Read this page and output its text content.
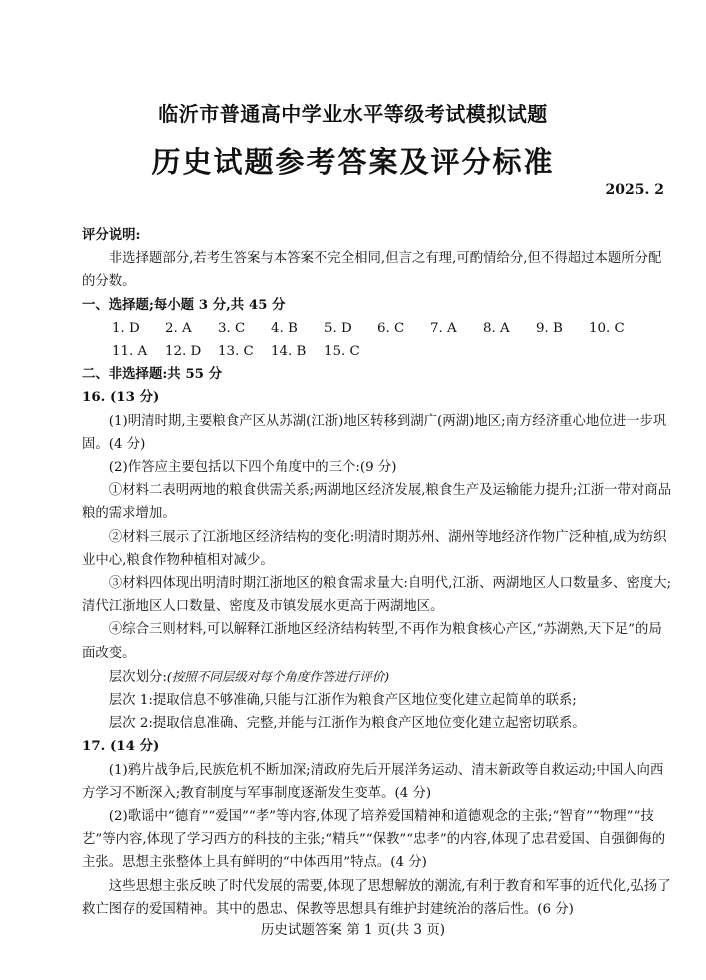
临沂市普通高中学业水平等级考试模拟试题
历史试题参考答案及评分标准
2025. 2

评分说明:

非选择题部分,若考生答案与本答案不完全相同,但言之有理,可酌情给分,但不得超过本题所分配的分数。

一、选择题;每小题 3 分,共 45 分

1. D	2. A	3. C	4. B	5. D	6. C	7. A	8. A	9. B	10. C
11. A	12. D	13. C	14. B	15. C

二、非选择题:共 55 分

16. (13 分)

(1)明清时期,主要粮食产区从苏湖(江浙)地区转移到湖广(两湖)地区;南方经济重心地位进一步巩固。(4 分)

(2)作答应主要包括以下四个角度中的三个:(9 分)

①材料二表明两地的粮食供需关系;两湖地区经济发展,粮食生产及运输能力提升;江浙一带对商品粮的需求增加。

②材料三展示了江浙地区经济结构的变化:明清时期苏州、湖州等地经济作物广泛种植,成为纺织业中心,粮食作物种植相对减少。

③材料四体现出明清时期江浙地区的粮食需求量大:自明代,江浙、两湖地区人口数量多、密度大;清代江浙地区人口数量、密度及市镇发展水更高于两湖地区。

④综合三则材料,可以解释江浙地区经济结构转型,不再作为粮食核心产区,“苏湖熟,天下足”的局面改变。

层次划分:(按照不同层级对每个角度作答进行评价)

层次 1:提取信息不够准确,只能与江浙作为粮食产区地位变化建立起简单的联系;

层次 2:提取信息准确、完整,并能与江浙作为粮食产区地位变化建立起密切联系。

17. (14 分)

(1)鸦片战争后,民族危机不断加深;清政府先后开展洋务运动、清末新政等自救运动;中国人向西方学习不断深入;教育制度与军事制度逐渐发生变革。(4 分)

(2)歌谣中“德育”“爱国”“孝”等内容,体现了培养爱国精神和道德观念的主张;“智育”“物理”“技艺”等内容,体现了学习西方的科技的主张;“精兵”“保教”“忠孝”的内容,体现了忠君爱国、自强御侮的主张。思想主张整体上具有鲜明的“中体西用”特点。(4 分)

这些思想主张反映了时代发展的需要,体现了思想解放的潮流,有利于教育和军事的近代化,弘扬了救亡图存的爱国精神。其中的愚忠、保教等思想具有维护封建统治的落后性。(6 分)

历史试题答案 第 1 页(共 3 页)
